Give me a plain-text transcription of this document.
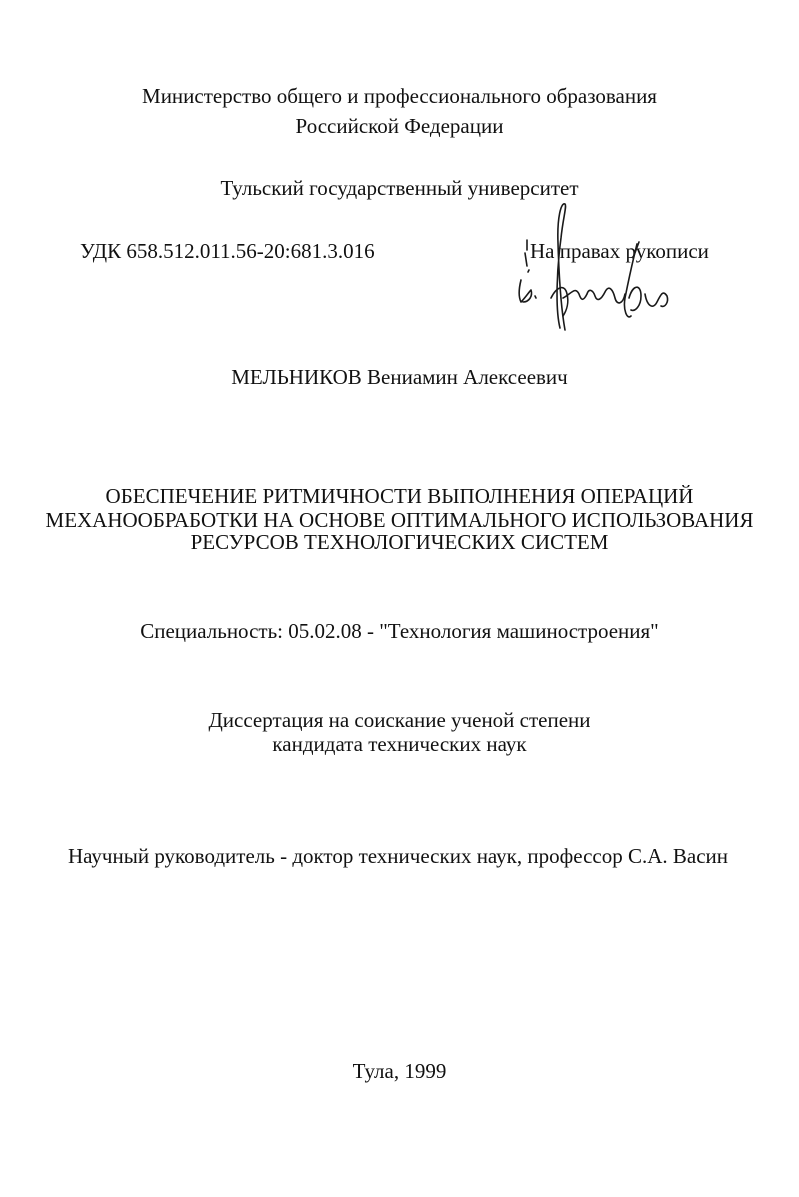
Министерство общего и профессионального образования
Российской Федерации
Тульский государственный университет
УДК 658.512.011.56-20:681.3.016	На правах рукописи
МЕЛЬНИКОВ Вениамин Алексеевич
ОБЕСПЕЧЕНИЕ РИТМИЧНОСТИ ВЫПОЛНЕНИЯ ОПЕРАЦИЙ
МЕХАНООБРАБОТКИ НА ОСНОВЕ ОПТИМАЛЬНОГО ИСПОЛЬЗОВАНИЯ
РЕСУРСОВ ТЕХНОЛОГИЧЕСКИХ СИСТЕМ
Специальность: 05.02.08 - "Технология машиностроения"
Диссертация на соискание ученой степени
кандидата технических наук
Научный руководитель - доктор технических наук, профессор С.А. Васин
Тула, 1999
